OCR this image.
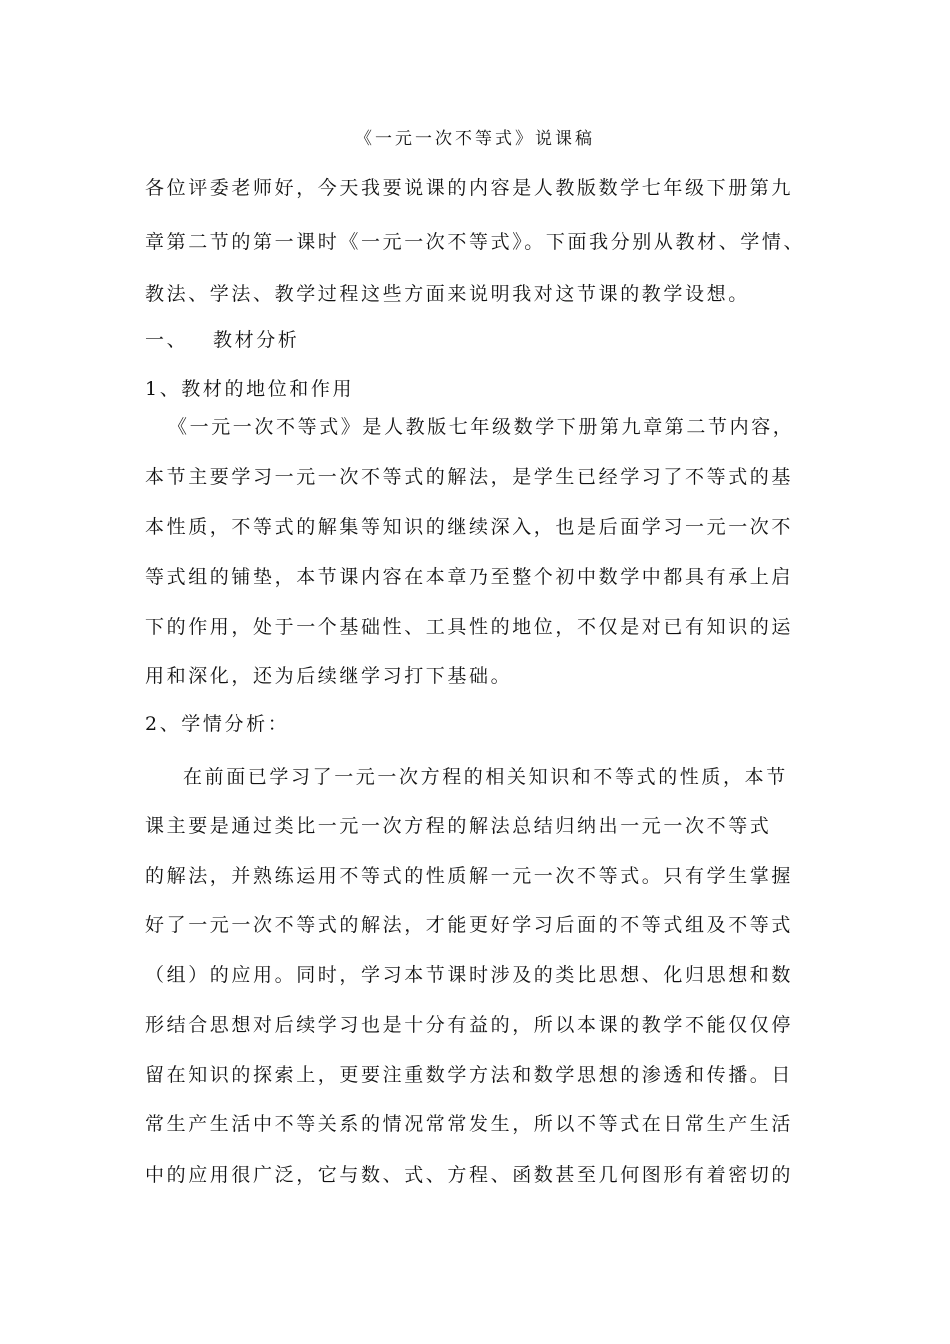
《一元一次不等式》说课稿
各位评委老师好，今天我要说课的内容是人教版数学七年级下册第九
章第二节的第一课时《一元一次不等式》。下面我分别从教材、学情、
教法、学法、教学过程这些方面来说明我对这节课的教学设想。
一、 教材分析
1、教材的地位和作用
《一元一次不等式》是人教版七年级数学下册第九章第二节内容，
本节主要学习一元一次不等式的解法，是学生已经学习了不等式的基
本性质，不等式的解集等知识的继续深入，也是后面学习一元一次不
等式组的铺垫，本节课内容在本章乃至整个初中数学中都具有承上启
下的作用，处于一个基础性、工具性的地位，不仅是对已有知识的运
用和深化，还为后续继学习打下基础。
2、学情分析：
在前面已学习了一元一次方程的相关知识和不等式的性质，本节
课主要是通过类比一元一次方程的解法总结归纳出一元一次不等式
的解法，并熟练运用不等式的性质解一元一次不等式。只有学生掌握
好了一元一次不等式的解法，才能更好学习后面的不等式组及不等式
（组）的应用。同时，学习本节课时涉及的类比思想、化归思想和数
形结合思想对后续学习也是十分有益的，所以本课的教学不能仅仅停
留在知识的探索上，更要注重数学方法和数学思想的渗透和传播。日
常生产生活中不等关系的情况常常发生，所以不等式在日常生产生活
中的应用很广泛，它与数、式、方程、函数甚至几何图形有着密切的
